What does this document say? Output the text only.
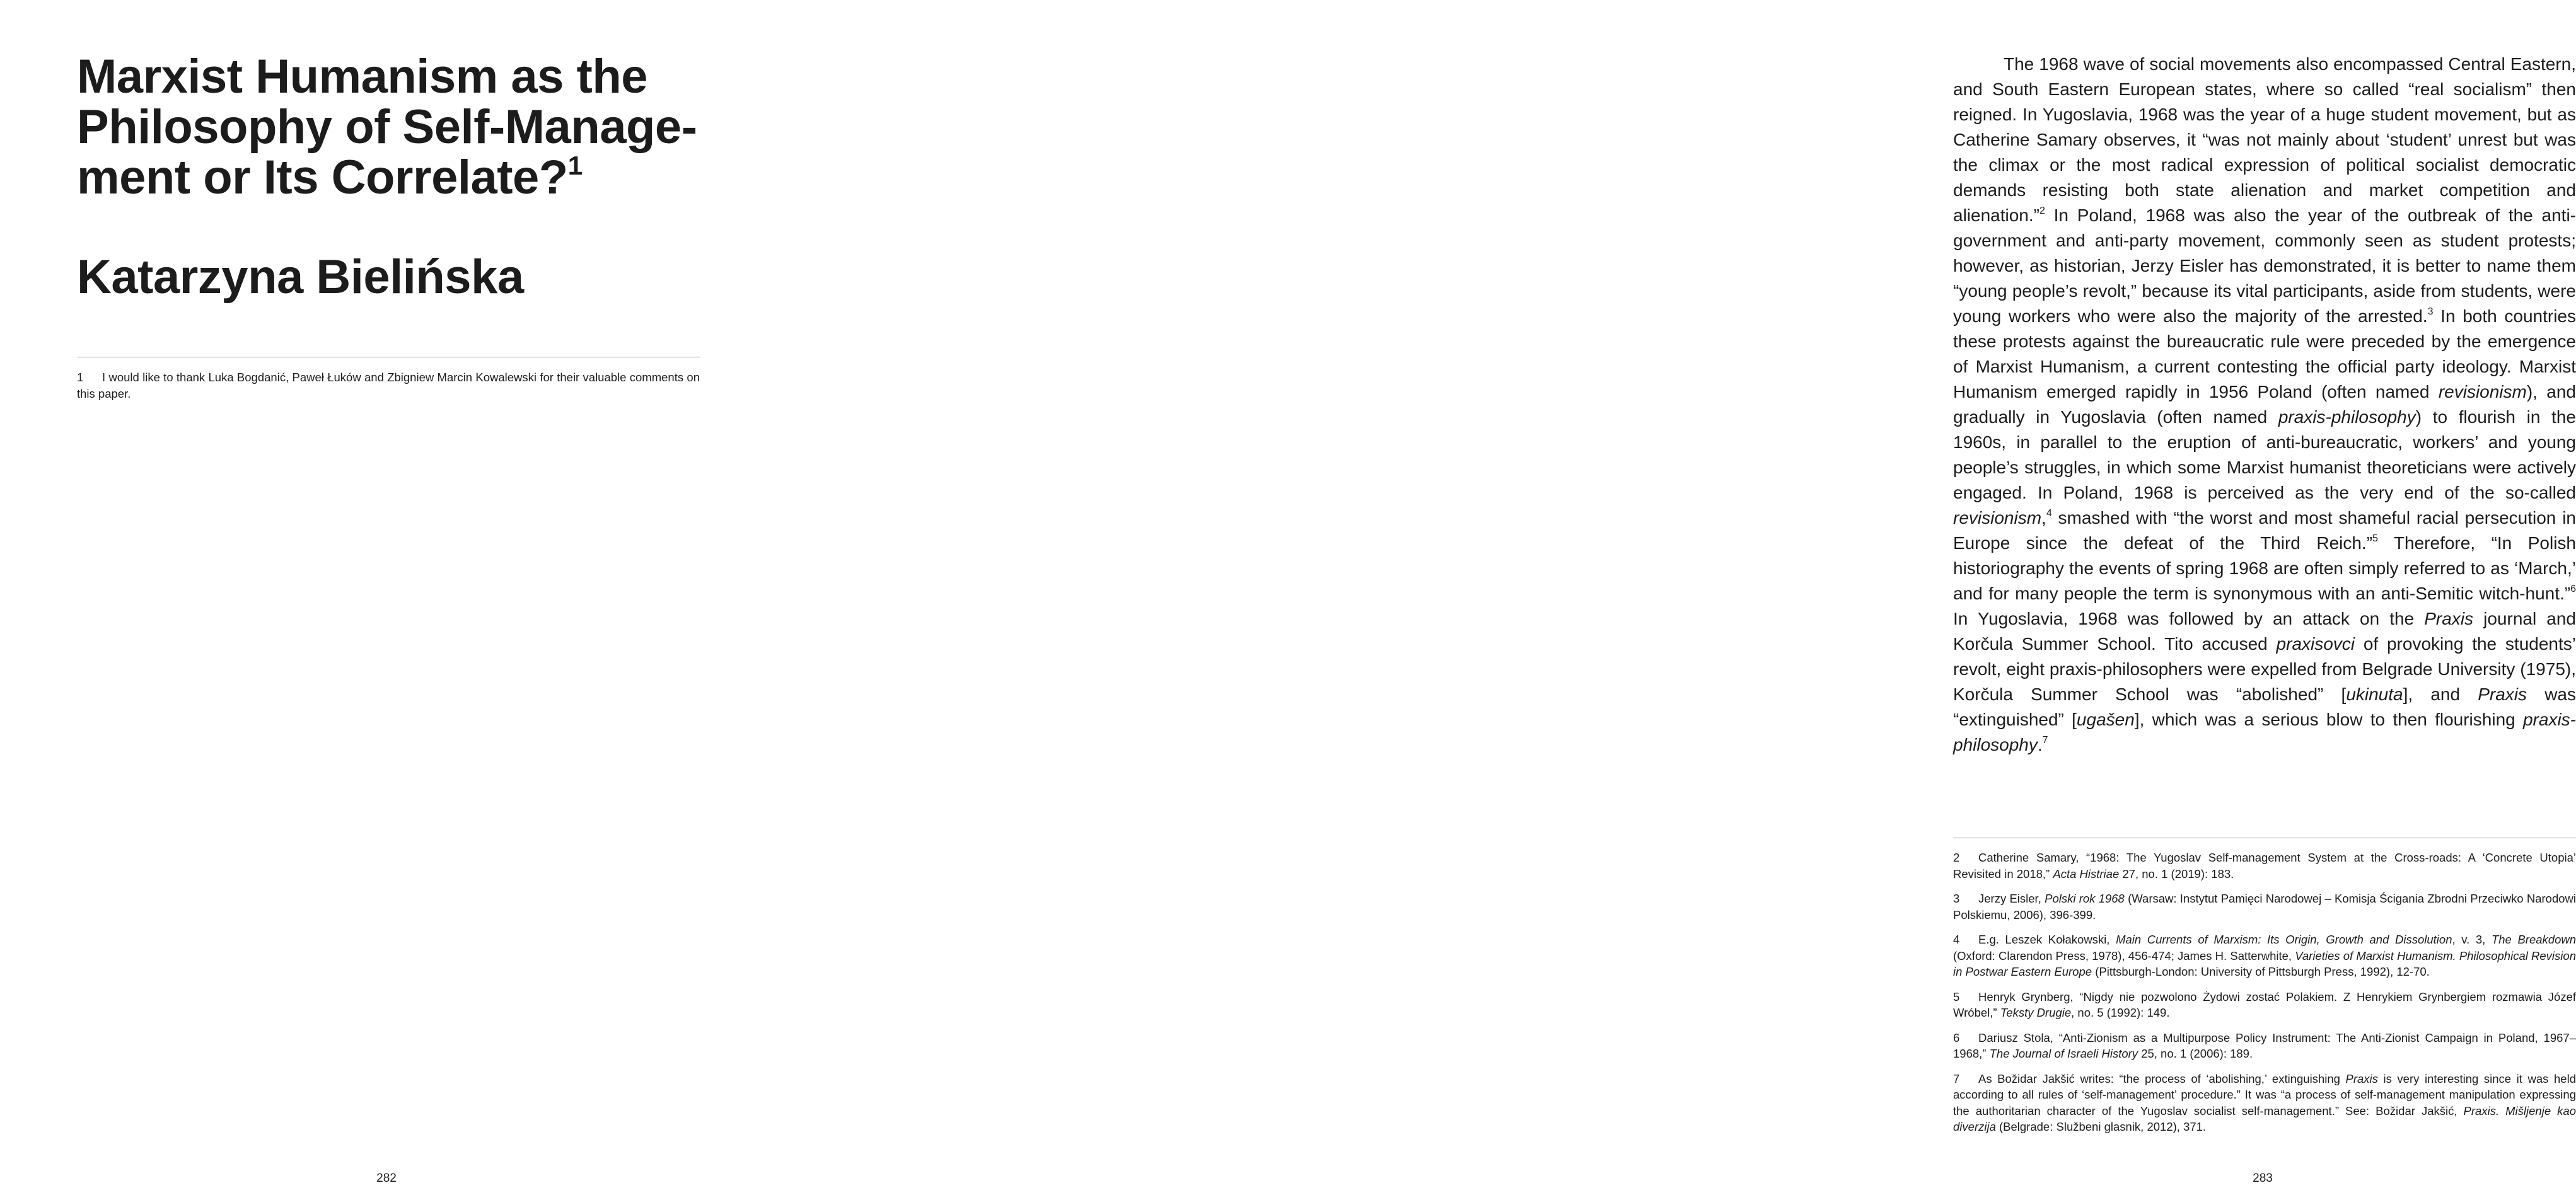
Marxist Humanism as the
Philosophy of Self-Manage-
ment or Its Correlate?$^1$
Katarzyna Bielińska
1 I would like to thank Luka Bogdanić, Paweł Łuków and Zbigniew Marcin Kowalewski for their valuable comments on this paper.
282

The 1968 wave of social movements also encompassed Central Eastern, and South Eastern European states, where so called “real socialism” then reigned. In Yugoslavia, 1968 was the year of a huge student movement, but as Catherine Samary observes, it “was not mainly about ‘student’ unrest but was the climax or the most radical expression of political socialist democratic demands resisting both state alienation and market competition and alienation.”$^2$ In Poland, 1968 was also the year of the outbreak of the anti-government and anti-party movement, commonly seen as student protests; however, as historian, Jerzy Eisler has demonstrated, it is better to name them “young people’s revolt,” because its vital participants, aside from students, were young workers who were also the majority of the arrested.$^3$ In both countries these protests against the bureaucratic rule were preceded by the emergence of Marxist Humanism, a current contesting the official party ideology. Marxist Humanism emerged rapidly in 1956 Poland (often named revisionism), and gradually in Yugoslavia (often named praxis-philosophy) to flourish in the 1960s, in parallel to the eruption of anti-bureaucratic, workers’ and young people’s struggles, in which some Marxist humanist theoreticians were actively engaged. In Poland, 1968 is perceived as the very end of the so-called revisionism,$^4$ smashed with “the worst and most shameful racial persecution in Europe since the defeat of the Third Reich.”$^5$ Therefore, “In Polish historiography the events of spring 1968 are often simply referred to as ‘March,’ and for many people the term is synonymous with an anti-Semitic witch-hunt.”$^6$ In Yugoslavia, 1968 was followed by an attack on the Praxis journal and Korčula Summer School. Tito accused praxisovci of provoking the students’ revolt, eight praxis-philosophers were expelled from Belgrade University (1975), Korčula Summer School was “abolished” [ukinuta], and Praxis was “extinguished” [ugašen], which was a serious blow to then flourishing praxis-philosophy.$^7$

2 Catherine Samary, “1968: The Yugoslav Self-management System at the Cross-roads: A ‘Concrete Utopia’ Revisited in 2018,” Acta Histriae 27, no. 1 (2019): 183.

3 Jerzy Eisler, Polski rok 1968 (Warsaw: Instytut Pamięci Narodowej – Komisja Ścigania Zbrodni Przeciwko Narodowi Polskiemu, 2006), 396-399.

4 E.g. Leszek Kołakowski, Main Currents of Marxism: Its Origin, Growth and Dissolution, v. 3, The Breakdown (Oxford: Clarendon Press, 1978), 456-474; James H. Satterwhite, Varieties of Marxist Humanism. Philosophical Revision in Postwar Eastern Europe (Pittsburgh-London: University of Pittsburgh Press, 1992), 12-70.

5 Henryk Grynberg, “Nigdy nie pozwolono Żydowi zostać Polakiem. Z Henrykiem Grynbergiem rozmawia Józef Wróbel,” Teksty Drugie, no. 5 (1992): 149.

6 Dariusz Stola, “Anti-Zionism as a Multipurpose Policy Instrument: The Anti-Zionist Campaign in Poland, 1967–1968,” The Journal of Israeli History 25, no. 1 (2006): 189.

7 As Božidar Jakšić writes: “the process of ‘abolishing,’ extinguishing Praxis is very interesting since it was held according to all rules of ‘self-management’ procedure.” It was “a process of self-management manipulation expressing the authoritarian character of the Yugoslav socialist self-management.” See: Božidar Jakšić, Praxis. Mišljenje kao diverzija (Belgrade: Službeni glasnik, 2012), 371.

283
